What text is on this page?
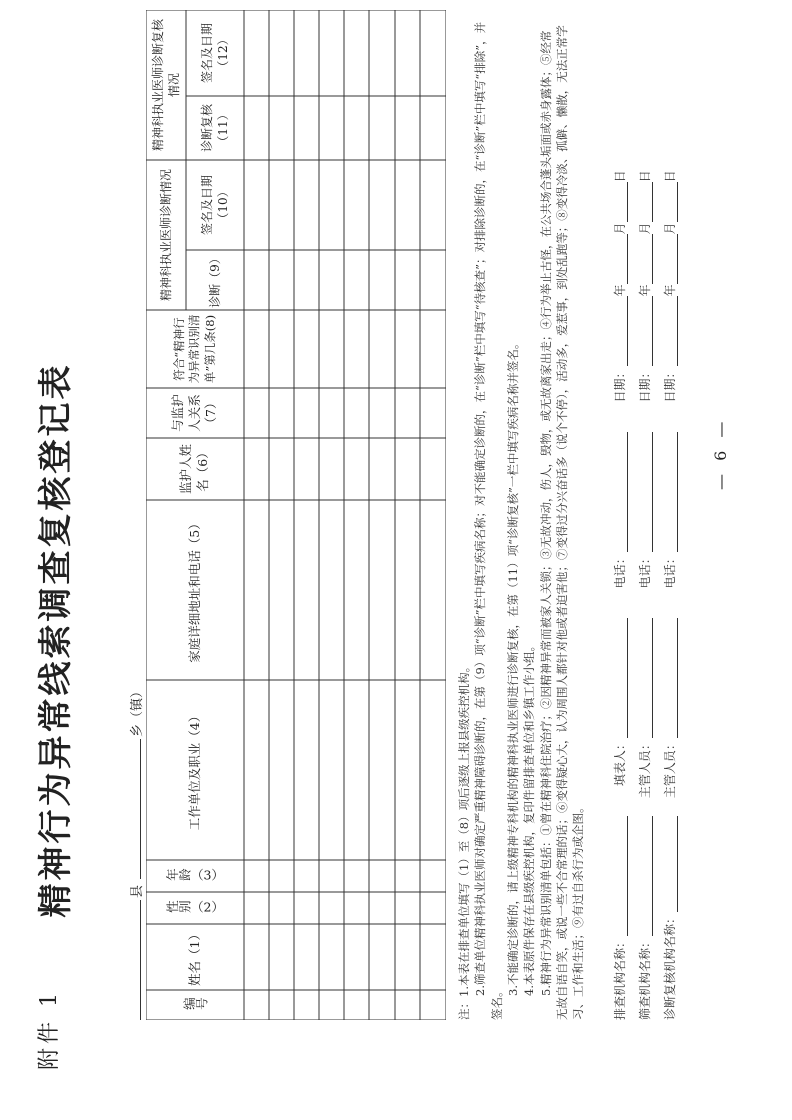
附件 1
精神行为异常线索调查复核登记表	县乡（镇）
编号
姓名（1）
性别（2）
年龄（3）
工作单位及职业（4）
家庭详细地址和电话（5）
监护人姓名（6）
与监护人关系（7）
符合“精神行为异常识别清单”第几条(8)
精神科执业医师诊断情况	诊断（9）
签名及日期（10）
精神科执业医师诊断复核情况
诊断复核（11）
签名及日期（12）

注：1.本表在排查单位填写（1）至（8）项后逐级上报县级疾控机构。 2.筛查单位精神科执业医师对确定严重精神障碍诊断的，在第（9）项“诊断”栏中填写疾病名称；对不能确定诊断的，在“诊断”栏中填写“待核查”；对排除诊断的，在“诊断”栏中填写“排除”，并签名。

3.不能确定诊断的，请上级精神专科机构的精神科执业医师进行诊断复核，在第（11）项“诊断复核”一栏中填写疾病名称并签名。 4.本表原件保存在县级疾控机构，复印件留排查单位和乡镇工作小组。 5.精神行为异常识别清单包括：①曾在精神科住院治疗；②因精神异常而被家人关锁；③无故冲动，伤人，毁物，或无故离家出走；④行为举止古怪，在公共场合蓬头垢面或赤身露体；⑤经常无故自语自笑，或说一些不合常理的话；⑥变得疑心大，认为周围人都针对他或者迫害他；⑦变得过分兴奋话多（说个不停），活动多，爱惹事，到处乱跑等；⑧变得冷淡、孤僻、懒散，无法正常学习、工作和生活；⑨有过自杀行为或企图。 排查机构名称： 填表人： 电话： 日期：年月日
筛查机构名称： 主管人员： 电话： 日期：年月日
诊断复核机构名称： 主管人员： 电话： 日期：年月日
— 6 —
